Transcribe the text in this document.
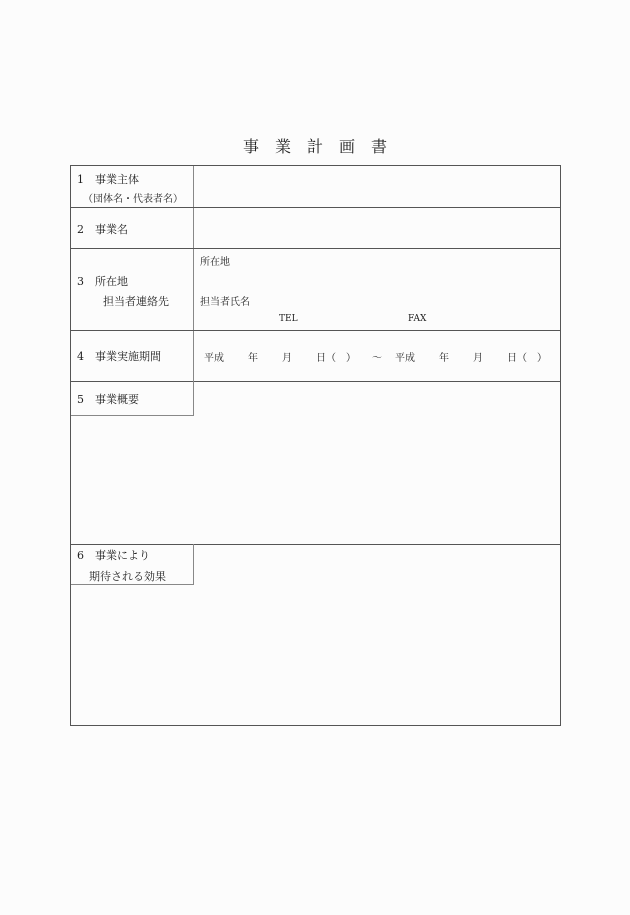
事 業 計 画 書
1　 事業主体
（団体名・代表者名）
2　 事業名
3　 所在地
担当者連絡先
所在地
担当者氏名
TEL	FAX
4　 事業実施期間	平成 年 月 日（　） ～ 平成 年 月 日（　）
5　 事業概要
6　 事業により
期待される効果
